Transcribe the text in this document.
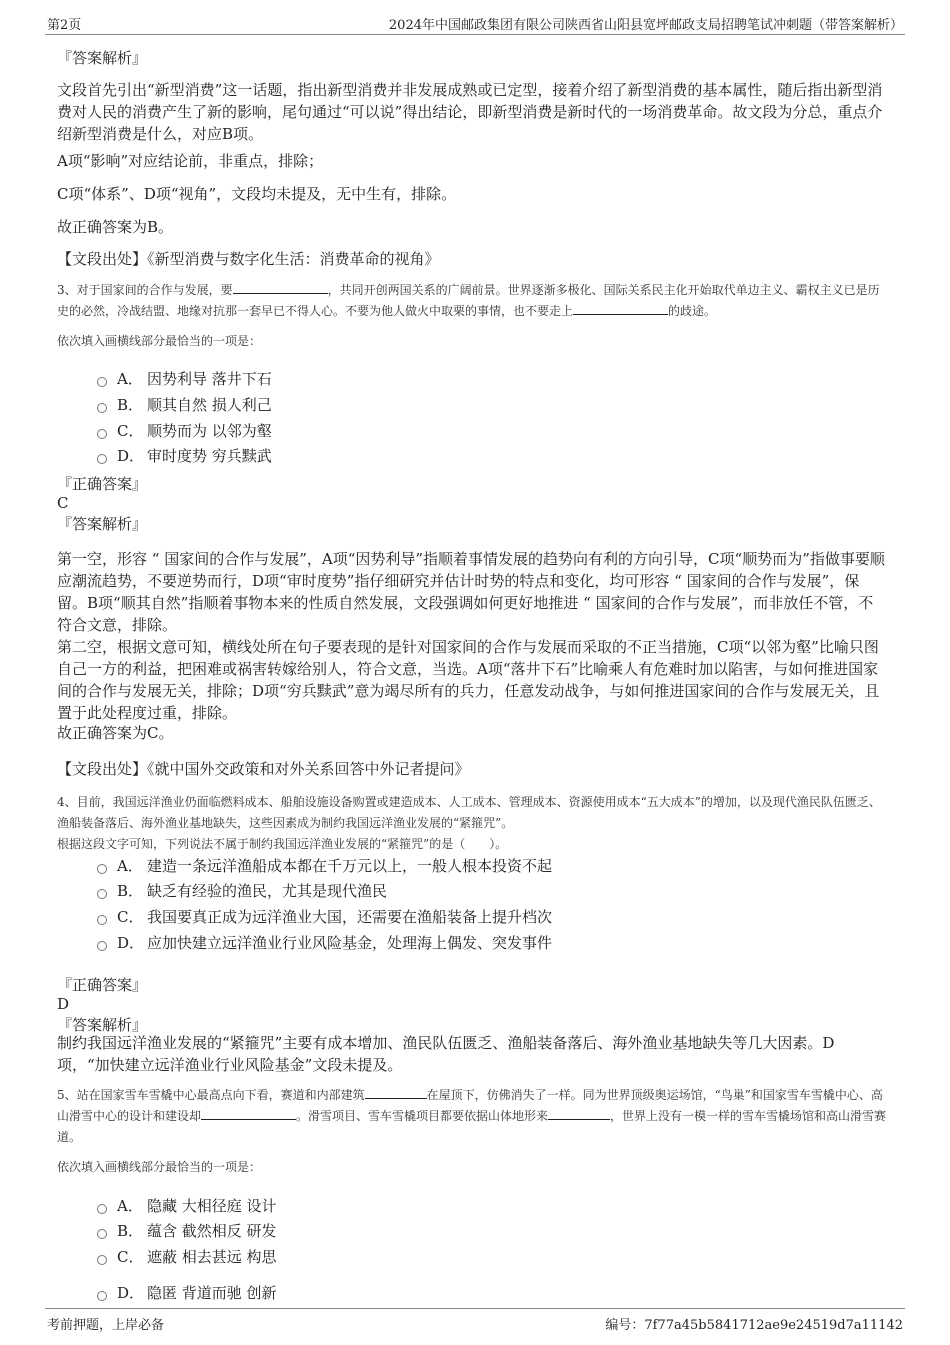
第2页	2024年中国邮政集团有限公司陕西省山阳县宽坪邮政支局招聘笔试冲刺题（带答案解析）
『答案解析』
文段首先引出“新型消费”这一话题，指出新型消费并非发展成熟或已定型，接着介绍了新型消费的基本属性，随后指出新型消费对人民的消费产生了新的影响，尾句通过“可以说”得出结论，即新型消费是新时代的一场消费革命。故文段为分总，重点介绍新型消费是什么，对应B项。
A项“影响”对应结论前，非重点，排除；
C项“体系”、D项“视角”，文段均未提及，无中生有，排除。
故正确答案为B。
【文段出处】《新型消费与数字化生活：消费革命的视角》
3、对于国家间的合作与发展，要	，共同开创两国关系的广阔前景。世界逐渐多极化、国际关系民主化开始取代单边主义、霸权主义已是历史的必然，冷战结盟、地缘对抗那一套早已不得人心。不要为他人做火中取栗的事情，也不要走上	的歧途。
依次填入画横线部分最恰当的一项是：
A． 因势利导 落井下石
B． 顺其自然 损人利己
C． 顺势而为 以邻为壑
D． 审时度势 穷兵黩武
『正确答案』
C
『答案解析』
第一空，形容 “ 国家间的合作与发展”，A项“因势利导”指顺着事情发展的趋势向有利的方向引导，C项“顺势而为”指做事要顺应潮流趋势，不要逆势而行，D项“审时度势”指仔细研究并估计时势的特点和变化，均可形容 “ 国家间的合作与发展”，保留。B项“顺其自然”指顺着事物本来的性质自然发展，文段强调如何更好地推进 “ 国家间的合作与发展”，而非放任不管，不符合文意，排除。
第二空，根据文意可知，横线处所在句子要表现的是针对国家间的合作与发展而采取的不正当措施，C项“以邻为壑”比喻只图自己一方的利益，把困难或祸害转嫁给别人，符合文意，当选。A项“落井下石”比喻乘人有危难时加以陷害，与如何推进国家间的合作与发展无关，排除；D项“穷兵黩武”意为竭尽所有的兵力，任意发动战争，与如何推进国家间的合作与发展无关，且置于此处程度过重，排除。
故正确答案为C。
【文段出处】《就中国外交政策和对外关系回答中外记者提问》
4、目前，我国远洋渔业仍面临燃料成本、船舶设施设备购置或建造成本、人工成本、管理成本、资源使用成本“五大成本”的增加，以及现代渔民队伍匮乏、渔船装备落后、海外渔业基地缺失，这些因素成为制约我国远洋渔业发展的“紧箍咒”。
根据这段文字可知，下列说法不属于制约我国远洋渔业发展的“紧箍咒”的是（　　）。
A． 建造一条远洋渔船成本都在千万元以上，一般人根本投资不起
B． 缺乏有经验的渔民，尤其是现代渔民
C． 我国要真正成为远洋渔业大国，还需要在渔船装备上提升档次
D． 应加快建立远洋渔业行业风险基金，处理海上偶发、突发事件
『正确答案』
D
『答案解析』
制约我国远洋渔业发展的“紧箍咒”主要有成本增加、渔民队伍匮乏、渔船装备落后、海外渔业基地缺失等几大因素。D项，“加快建立远洋渔业行业风险基金”文段未提及。
5、站在国家雪车雪橇中心最高点向下看，赛道和内部建筑	在屋顶下，仿佛消失了一样。同为世界顶级奥运场馆，“鸟巢”和国家雪车雪橇中心、高山滑雪中心的设计和建设却	。滑雪项目、雪车雪橇项目都要依据山体地形来	，世界上没有一模一样的雪车雪橇场馆和高山滑雪赛道。
依次填入画横线部分最恰当的一项是：
A． 隐藏 大相径庭 设计
B． 蕴含 截然相反 研发
C． 遮蔽 相去甚远 构思
D． 隐匿 背道而驰 创新
考前押题，上岸必备	编号：7f77a45b5841712ae9e24519d7a11142
